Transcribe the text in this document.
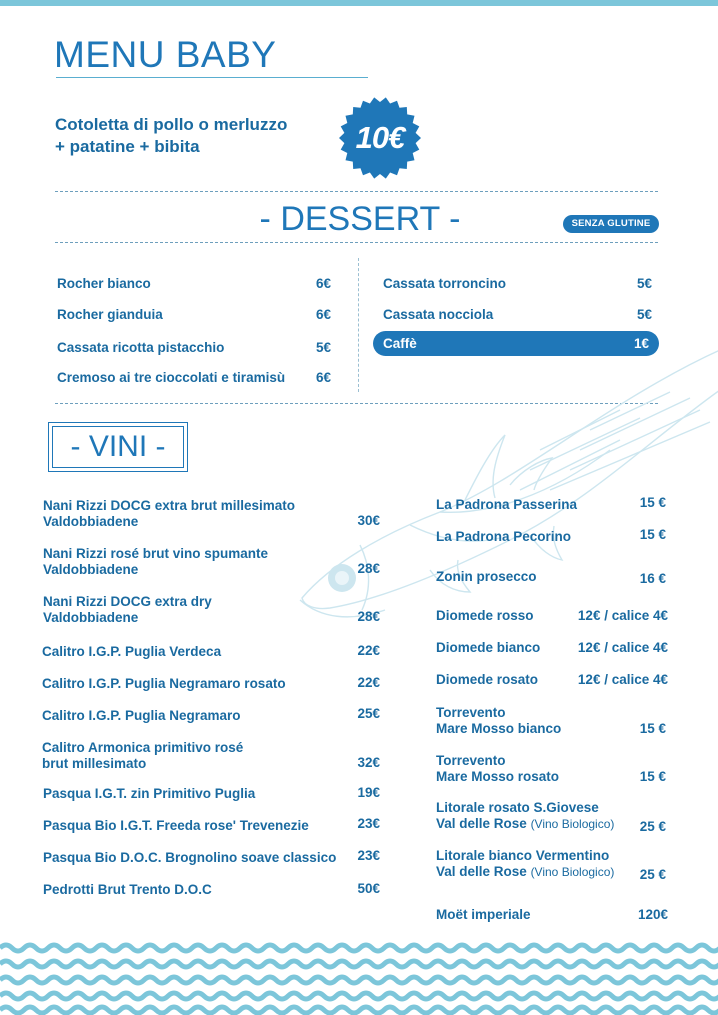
MENU BABY
Cotoletta di pollo o merluzzo
+ patatine + bibita	10€
- DESSERT -	SENZA GLUTINE
Rocher bianco	6€
Rocher gianduia	6€
Cassata ricotta pistacchio	5€
Cremoso ai tre cioccolati e tiramisù 6€
Cassata torroncino	5€
Cassata nocciola	5€
Caffè	1€
- VINI -
Nani Rizzi DOCG extra brut millesimato
Valdobbiadene	30€
Nani Rizzi rosé brut vino spumante
Valdobbiadene	28€
Nani Rizzi DOCG extra dry
Valdobbiadene	28€
Calitro I.G.P. Puglia Verdeca	22€
Calitro I.G.P. Puglia Negramaro rosato	22€
Calitro I.G.P. Puglia Negramaro	25€
Calitro Armonica primitivo rosé
brut millesimato	32€
Pasqua I.G.T. zin Primitivo Puglia	19€
Pasqua Bio I.G.T. Freeda rose' Trevenezie	23€
Pasqua Bio D.O.C. Brognolino soave classico	23€
Pedrotti Brut Trento D.O.C	50€
La Padrona Passerina	15 €
La Padrona Pecorino	15 €
Zonin prosecco	16 €
Diomede rosso	12€ / calice 4€
Diomede bianco	12€ / calice 4€
Diomede rosato	12€ / calice 4€
Torrevento
Mare Mosso bianco	15 €
Torrevento
Mare Mosso rosato	15 €
Litorale rosato S.Giovese
Val delle Rose (Vino Biologico)	25 €
Litorale bianco Vermentino
Val delle Rose (Vino Biologico)	25 €
Moët imperiale	120€
